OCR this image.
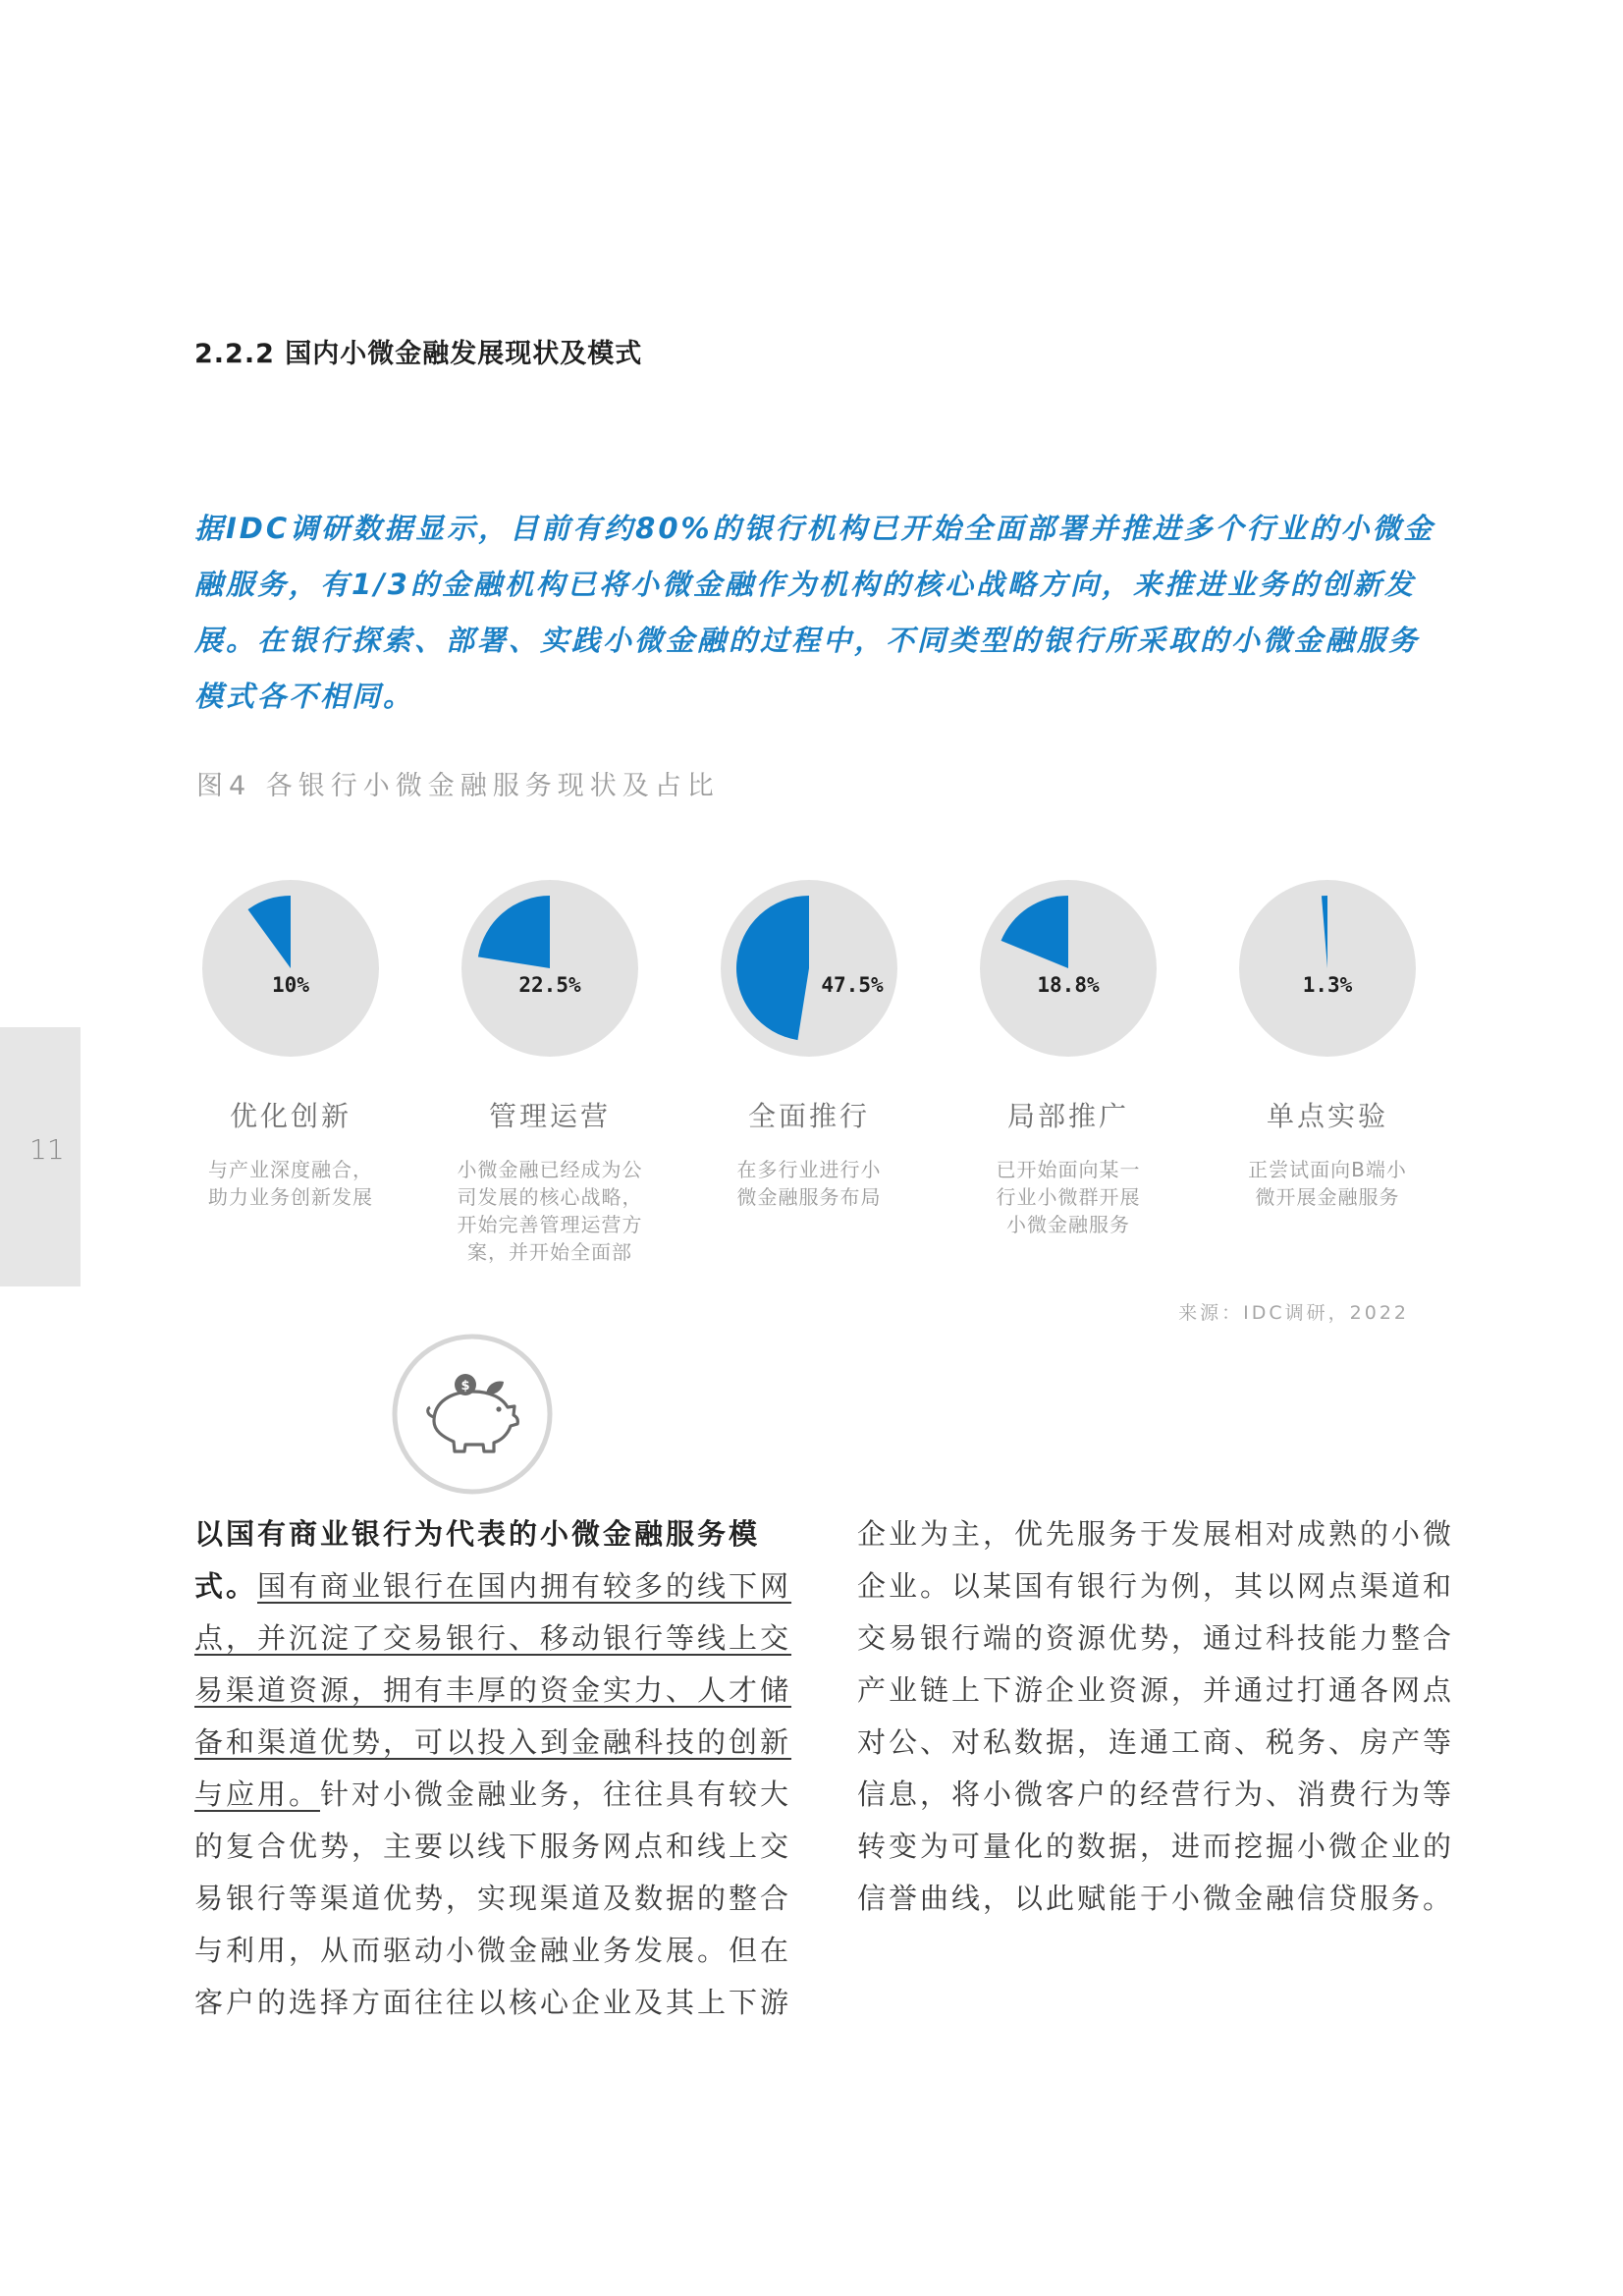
2.2.2 国内小微金融发展现状及模式
据IDC调研数据显示，目前有约80%的银行机构已开始全面部署并推进多个行业的小微金
融服务，有1/3的金融机构已将小微金融作为机构的核心战略方向，来推进业务的创新发
展。在银行探索、部署、实践小微金融的过程中，不同类型的银行所采取的小微金融服务
模式各不相同。
图4 各银行小微金融服务现状及占比
10%
优化创新
与产业深度融合，
助力业务创新发展
22.5%
管理运营
小微金融已经成为公
司发展的核心战略，
开始完善管理运营方
案，并开始全面部
47.5%
全面推行
在多行业进行小
微金融服务布局
18.8%
局部推广
已开始面向某一
行业小微群开展
小微金融服务
1.3%
单点实验
正尝试面向B端小
微开展金融服务
来源：IDC调研，2022
11
$
以国有商业银行为代表的小微金融服务模式。国有商业银行在国内拥有较多的线下网点，并沉淀了交易银行、移动银行等线上交易渠道资源，拥有丰厚的资金实力、人才储备和渠道优势，可以投入到金融科技的创新与应用。针对小微金融业务，往往具有较大的复合优势，主要以线下服务网点和线上交易银行等渠道优势，实现渠道及数据的整合与利用，从而驱动小微金融业务发展。但在客户的选择方面往往以核心企业及其上下游
企业为主，优先服务于发展相对成熟的小微企业。以某国有银行为例，其以网点渠道和交易银行端的资源优势，通过科技能力整合产业链上下游企业资源，并通过打通各网点对公、对私数据，连通工商、税务、房产等信息，将小微客户的经营行为、消费行为等转变为可量化的数据，进而挖掘小微企业的信誉曲线，以此赋能于小微金融信贷服务。
